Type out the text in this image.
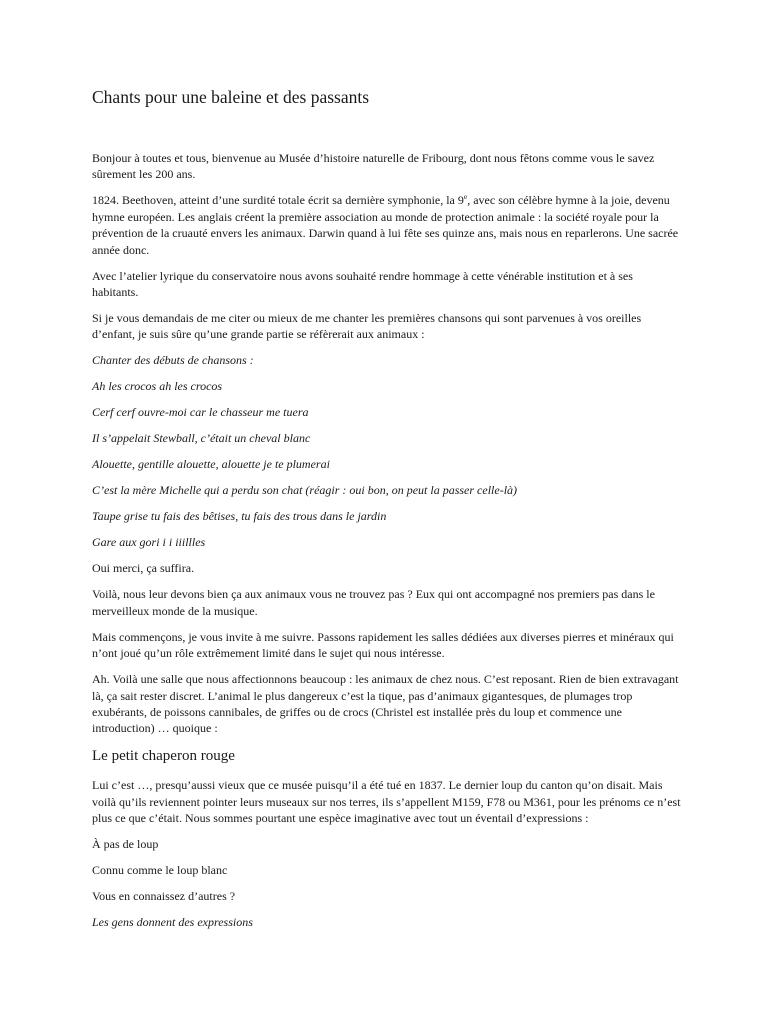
Chants pour une baleine et des passants

Bonjour à toutes et tous, bienvenue au Musée d’histoire naturelle de Fribourg, dont nous fêtons comme vous le savez sûrement les 200 ans.

1824. Beethoven, atteint d’une surdité totale écrit sa dernière symphonie, la 9e, avec son célèbre hymne à la joie, devenu hymne européen. Les anglais créent la première association au monde de protection animale : la société royale pour la prévention de la cruauté envers les animaux. Darwin quand à lui fête ses quinze ans, mais nous en reparlerons. Une sacrée année donc.

Avec l’atelier lyrique du conservatoire nous avons souhaité rendre hommage à cette vénérable institution et à ses habitants.

Si je vous demandais de me citer ou mieux de me chanter les premières chansons qui sont parvenues à vos oreilles d’enfant, je suis sûre qu’une grande partie se réfèrerait aux animaux :

Chanter des débuts de chansons :

Ah les crocos ah les crocos

Cerf cerf ouvre-moi car le chasseur me tuera

Il s’appelait Stewball, c’était un cheval blanc

Alouette, gentille alouette, alouette je te plumerai

C’est la mère Michelle qui a perdu son chat (réagir : oui bon, on peut la passer celle-là)

Taupe grise tu fais des bêtises, tu fais des trous dans le jardin

Gare aux gori i i iiillles

Oui merci, ça suffira.

Voilà, nous leur devons bien ça aux animaux vous ne trouvez pas ? Eux qui ont accompagné nos premiers pas dans le merveilleux monde de la musique.

Mais commençons, je vous invite à me suivre. Passons rapidement les salles dédiées aux diverses pierres et minéraux qui n’ont joué qu’un rôle extrêmement limité dans le sujet qui nous intéresse.

Ah. Voilà une salle que nous affectionnons beaucoup : les animaux de chez nous. C’est reposant. Rien de bien extravagant là, ça sait rester discret. L’animal le plus dangereux c’est la tique, pas d’animaux gigantesques, de plumages trop exubérants, de poissons cannibales, de griffes ou de crocs (Christel est installée près du loup et commence une introduction) … quoique :

Le petit chaperon rouge

Lui c’est …, presqu’aussi vieux que ce musée puisqu’il a été tué en 1837. Le dernier loup du canton qu’on disait. Mais voilà qu’ils reviennent pointer leurs museaux sur nos terres, ils s’appellent M159, F78 ou M361, pour les prénoms ce n’est plus ce que c’était. Nous sommes pourtant une espèce imaginative avec tout un éventail d’expressions :

À pas de loup

Connu comme le loup blanc

Vous en connaissez d’autres ?

Les gens donnent des expressions
